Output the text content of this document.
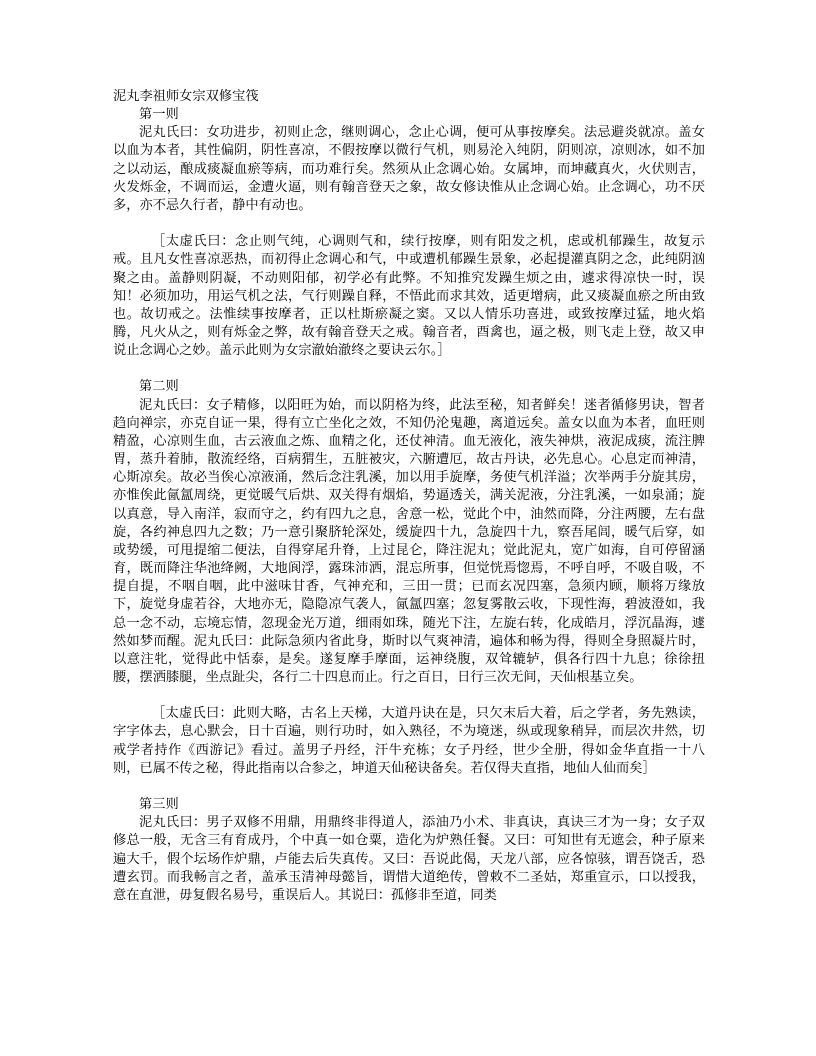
泥丸李祖师女宗双修宝筏

第一则

泥丸氏曰：女功进步，初则止念，继则调心，念止心调，便可从事按摩矣。法忌避炎就凉。盖女以血为本者，其性偏阴，阴性喜凉，不假按摩以微行气机，则易沦入纯阴，阴则凉，凉则冰，如不加之以动运，酿成痰凝血瘀等病，而功难行矣。然须从止念调心始。女属坤，而坤藏真火，火伏则吉，火发烁金，不调而运，金遭火逼，则有翰音登天之象，故女修诀惟从止念调心始。止念调心，功不厌多，亦不忌久行者，静中有动也。

［太虚氏曰：念止则气纯，心调则气和，续行按摩，则有阳发之机，虑或机郁躁生，故复示戒。且凡女性喜凉恶热，而初得止念调心和气，中或遭机郁躁生景象，必起提灌真阴之念，此纯阴汹聚之由。盖静则阴凝，不动则阳郁，初学必有此弊。不知推究发躁生烦之由，遽求得凉快一时，误知！必须加功，用运气机之法，气行则躁自释，不悟此而求其效，适更增病，此又痰凝血瘀之所由致也。故切戒之。法惟续事按摩者，正以杜斯瘀凝之窦。又以人情乐功喜进，或致按摩过猛，地火焰腾，凡火从之，则有烁金之弊，故有翰音登天之戒。翰音者，酉禽也，逼之极，则飞走上登，故又申说止念调心之妙。盖示此则为女宗澈始澈终之要诀云尔。］

第二则

泥丸氏曰：女子精修，以阳旺为始，而以阴格为终，此法至秘，知者鲜矣！迷者循修男诀，智者趋向禅宗，亦克自证一果，得有立亡坐化之效，不知仍沦鬼趣，离道远矣。盖女以血为本者，血旺则精盈，心凉则生血，古云液血之炼、血精之化，还仗神清。血无液化，液失神烘，液泥成痰，流注脾胃，蒸升着肺，散流经络，百病猬生，五脏被灾，六腑遭厄，故古丹诀，必先息心。心息定而神清，心斯凉矣。故必当俟心凉液涌，然后念注乳溪，加以用手旋摩，务使气机洋溢；次举两手分旋其房，亦惟俟此氤氲周绕，更觉暖气后烘、双关得有烟焰，势逼透关，满关泥液，分注乳溪，一如泉涌；旋以真意，导入南洋，寂而守之，约有四九之息，舍意一松，觉此个中，油然而降，分注两腰，左右盘旋，各约神息四九之数；乃一意引聚脐轮深处，缓旋四十九，急旋四十九，察吾尾闾，暖气后穿，如或势缓，可甩提缩二便法，自得穿尾升脊，上过昆仑，降注泥丸；觉此泥丸，宽广如海，自可停留涵育，既而降注华池绛阙，大地阆浮，露珠沛洒，混忘所事，但觉恍焉惚焉，不呼自呼，不吸自吸，不提自提，不咽自咽，此中滋味甘香，气神充和，三田一贯；已而玄况四塞，急须内顾，顺将万缘放下，旋觉身虚若谷，大地亦无，隐隐凉气袭人，氤氲四塞；忽复雾散云收，下现性海，碧波澄如，我总一念不动，忘境忘情，忽现金光万道，细雨如珠，随光下注，左旋右转，化成皓月，浮沉晶海，遽然如梦而醒。泥丸氏曰：此际急须内省此身，斯时以气爽神清，遍体和畅为得，得则全身照凝片时，以意注牝，觉得此中恬泰，是矣。遂复摩手摩面，运神绕腹，双耸辘轳，俱各行四十九息；徐徐扭腰，摆洒膝腿，坐点趾尖，各行二十四息而止。行之百日，日行三次无间，天仙根基立矣。

［太虚氏曰：此则大略，古名上天梯，大道丹诀在是，只欠末后大着，后之学者，务先熟读，字字体去，息心默会，日十百遍，则行功时，如入熟径，不为境迷，纵或现象稍异，而层次井然，切戒学者持作《西游记》看过。盖男子丹经，汗牛充栋；女子丹经，世少全册，得如金华直指一十八则，已属不传之秘，得此指南以合参之，坤道天仙秘诀备矣。若仅得夫直指，地仙人仙而矣］

第三则

泥丸氏曰：男子双修不用鼎，用鼎终非得道人，添油乃小术、非真诀，真诀三才为一身；女子双修总一般，无含三有育成丹，个中真一如仓粟，造化为炉熟任餐。又曰：可知世有无遮会，种子原来遍大千，假个坛场作炉鼎，卢能去后失真传。又曰：吾说此偈，天龙八部，应各惊骇，谓吾饶舌，恐遭玄罚。而我畅言之者，盖承玉清神母懿旨，谓惜大道绝传，曾敕不二圣姑，郑重宣示，口以授我，意在直泄，毋复假名易号，重误后人。其说曰：孤修非至道，同类
